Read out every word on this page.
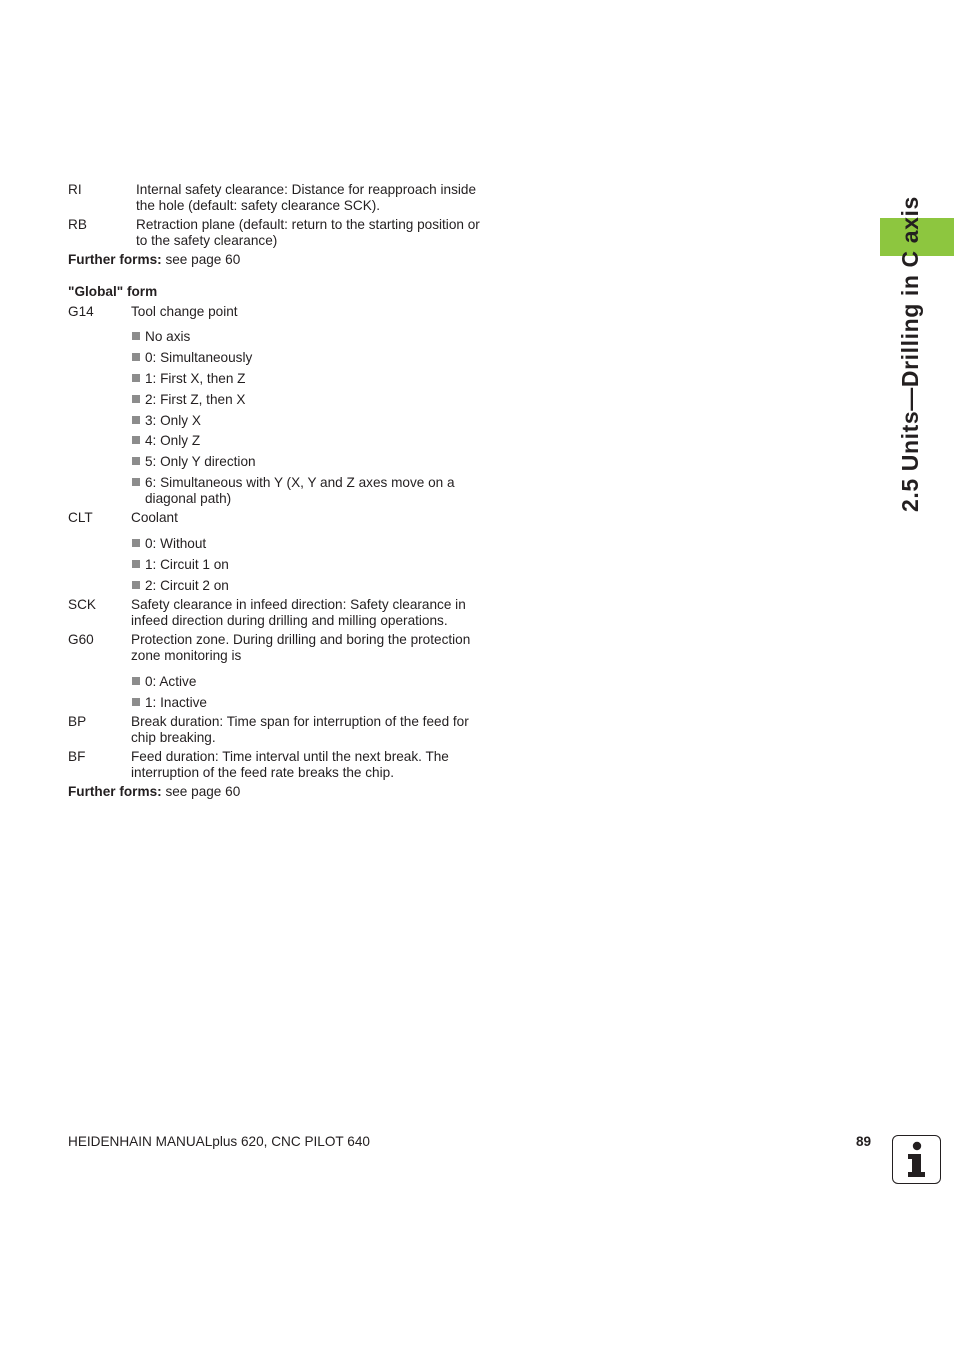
2.5 Units—Drilling in C axis
RI	Internal safety clearance: Distance for reapproach inside
the hole (default: safety clearance SCK).
RB	Retraction plane (default: return to the starting position or
to the safety clearance)
Further forms: see page 60
"Global" form
G14	Tool change point
No axis
0: Simultaneously
1: First X, then Z
2: First Z, then X
3: Only X
4: Only Z
5: Only Y direction
6: Simultaneous with Y (X, Y and Z axes move on a
diagonal path)
CLT	Coolant
0: Without
1: Circuit 1 on
2: Circuit 2 on
SCK	Safety clearance in infeed direction: Safety clearance in
infeed direction during drilling and milling operations.
G60	Protection zone. During drilling and boring the protection
zone monitoring is
0: Active
1: Inactive
BP	Break duration: Time span for interruption of the feed for
chip breaking.
BF	Feed duration: Time interval until the next break. The
interruption of the feed rate breaks the chip.
Further forms: see page 60
HEIDENHAIN MANUALplus 620, CNC PILOT 640	89
